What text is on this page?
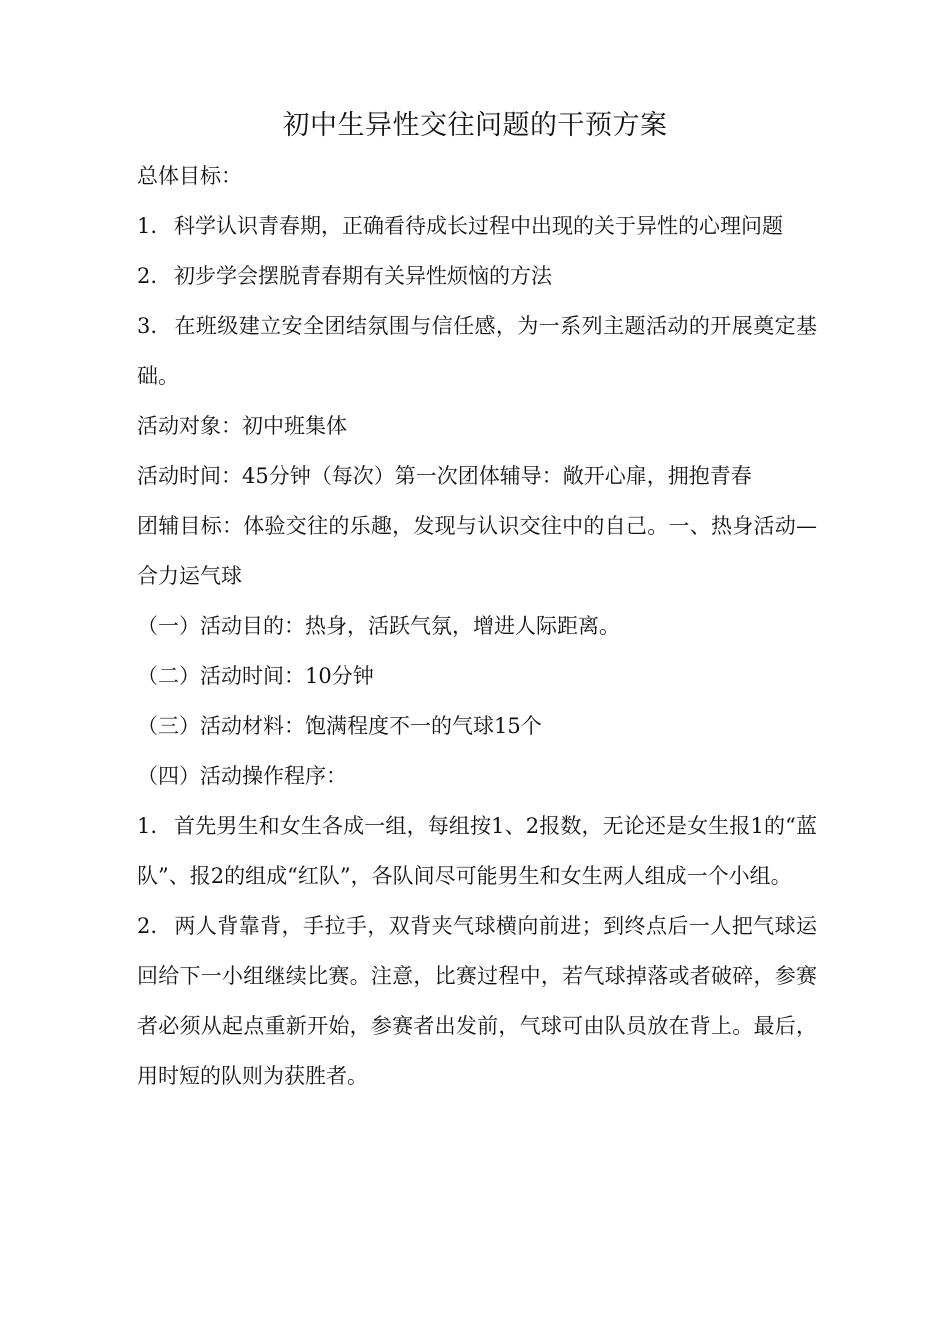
初中生异性交往问题的干预方案

总体目标：

1. 科学认识青春期，正确看待成长过程中出现的关于异性的心理问题

2. 初步学会摆脱青春期有关异性烦恼的方法

3. 在班级建立安全团结氛围与信任感，为一系列主题活动的开展奠定基础。

活动对象：初中班集体

活动时间：45分钟（每次）第一次团体辅导：敞开心扉，拥抱青春

团辅目标：体验交往的乐趣，发现与认识交往中的自己。一、热身活动—合力运气球

（一）活动目的：热身，活跃气氛，增进人际距离。

（二）活动时间：10分钟

（三）活动材料：饱满程度不一的气球15个

（四）活动操作程序：

1. 首先男生和女生各成一组，每组按1、2报数，无论还是女生报1的“蓝队”、报2的组成“红队”，各队间尽可能男生和女生两人组成一个小组。

2. 两人背靠背，手拉手，双背夹气球横向前进；到终点后一人把气球运回给下一小组继续比赛。注意，比赛过程中，若气球掉落或者破碎，参赛者必须从起点重新开始，参赛者出发前，气球可由队员放在背上。最后，用时短的队则为获胜者。
